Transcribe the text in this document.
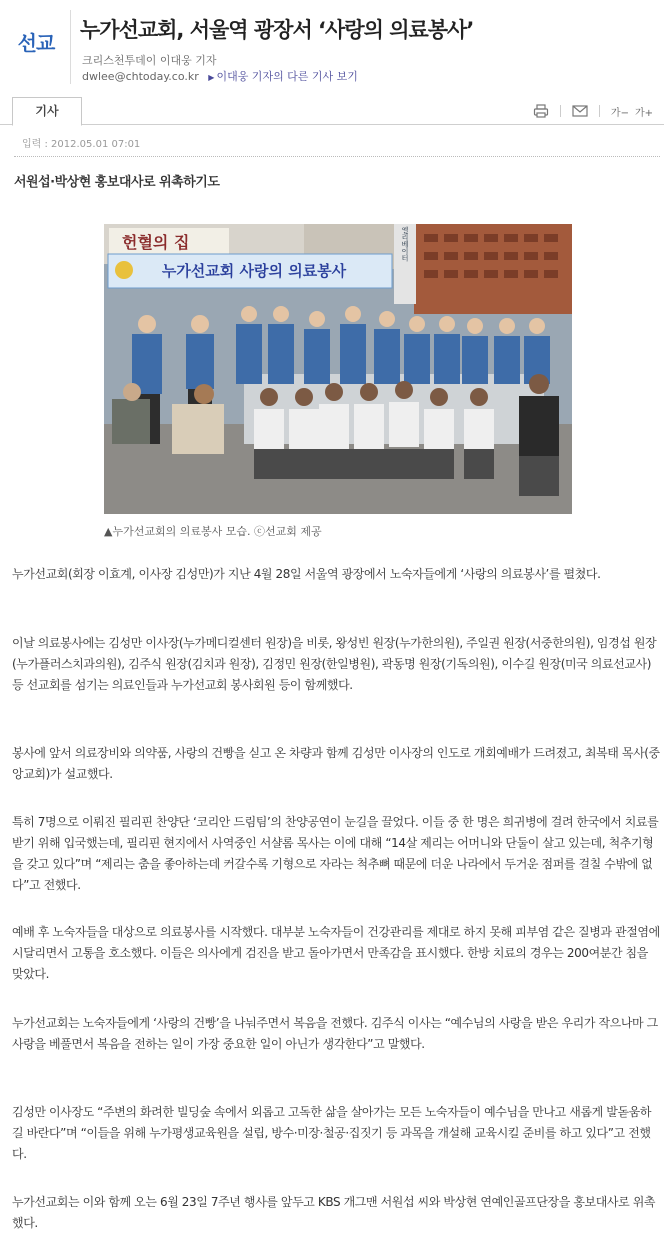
선교
누가선교회, 서울역 광장서 ‘사랑의 의료봉사’
크리스천투데이 이대웅 기자
dwlee@chtoday.co.kr ▶ 이대웅 기자의 다른 기사 보기
기사	가− 가+
입력 : 2012.05.01 07:01
서원섭·박상현 홍보대사로 위촉하기도
엘리베이터
헌혈의 집
누가선교회 사랑의 의료봉사
▲누가선교회의 의료봉사 모습. ⓒ선교회 제공

누가선교회(회장 이효계, 이사장 김성만)가 지난 4월 28일 서울역 광장에서 노숙자들에게 ‘사랑의 의료봉사’를 펼쳤다.

이날 의료봉사에는 김성만 이사장(누가메디컬센터 원장)을 비롯, 왕성빈 원장(누가한의원), 주일권 원장(서중한의원), 임경섭 원장(누가플러스치과의원), 김주식 원장(김치과 원장), 김정민 원장(한일병원), 곽동명 원장(기독의원), 이수길 원장(미국 의료선교사) 등 선교회를 섬기는 의료인들과 누가선교회 봉사회원 등이 함께했다.

봉사에 앞서 의료장비와 의약품, 사랑의 건빵을 싣고 온 차량과 함께 김성만 이사장의 인도로 개회예배가 드려졌고, 최복태 목사(중앙교회)가 설교했다.

특히 7명으로 이뤄진 필리핀 찬양단 ‘코리안 드림팀’의 찬양공연이 눈길을 끌었다. 이들 중 한 명은 희귀병에 걸려 한국에서 치료를 받기 위해 입국했는데, 필리핀 현지에서 사역중인 서샬롬 목사는 이에 대해 “14살 제리는 어머니와 단둘이 살고 있는데, 척추기형을 갖고 있다”며 “제리는 춤을 좋아하는데 커갈수록 기형으로 자라는 척추뼈 때문에 더운 나라에서 두거운 점퍼를 걸칠 수밖에 없다”고 전했다.

예배 후 노숙자들을 대상으로 의료봉사를 시작했다. 대부분 노숙자들이 건강관리를 제대로 하지 못해 피부염 같은 질병과 관절염에 시달리면서 고통을 호소했다. 이들은 의사에게 검진을 받고 돌아가면서 만족감을 표시했다. 한방 치료의 경우는 200여분간 침을 맞았다.

누가선교회는 노숙자들에게 ‘사랑의 건빵’을 나눠주면서 복음을 전했다. 김주식 이사는 “예수님의 사랑을 받은 우리가 작으나마 그 사랑을 베풀면서 복음을 전하는 일이 가장 중요한 일이 아닌가 생각한다”고 말했다.

김성만 이사장도 “주변의 화려한 빌딩숲 속에서 외롭고 고독한 삶을 살아가는 모든 노숙자들이 예수님을 만나고 새롭게 발돋움하길 바란다”며 “이들을 위해 누가평생교육원을 설립, 방수·미장·철공·집짓기 등 과목을 개설해 교육시킬 준비를 하고 있다”고 전했다.

누가선교회는 이와 함께 오는 6월 23일 7주년 행사를 앞두고 KBS 개그맨 서원섭 씨와 박상현 연예인골프단장을 홍보대사로 위촉했다.
